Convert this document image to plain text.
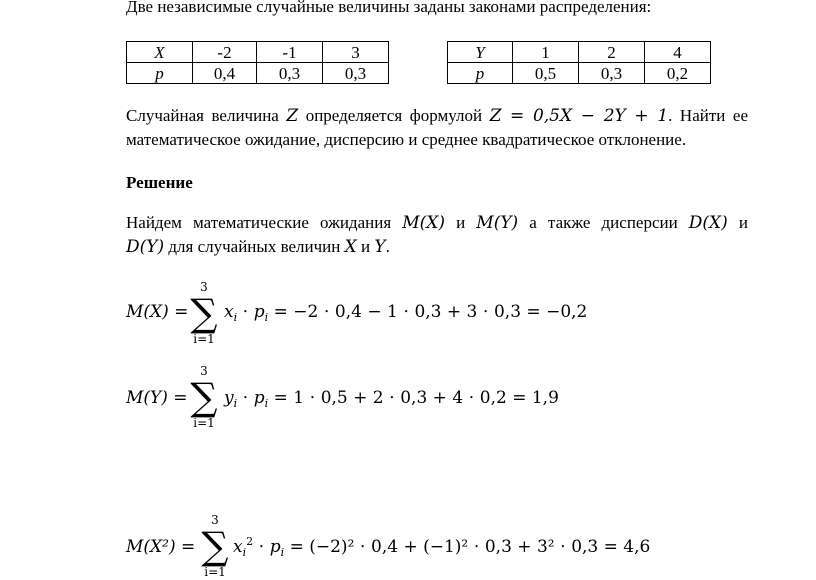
Две независимые случайные величины заданы законами распределения:
X	-2	-1	3
p	0,4	0,3	0,3
Y	1	2	4
p	0,5	0,3	0,2
Случайная величина Z определяется формулой Z = 0,5X − 2Y + 1. Найти ее
математическое ожидание, дисперсию и среднее квадратическое отклонение.
Решение
Найдем математические ожидания M(X) и M(Y) а также дисперсии D(X) и
D(Y) для случайных величин X и Y.
M(X) =
3
∑
i=1
$x_i \cdot p_i = -2 \cdot 0,4 - 1 \cdot 0,3 + 3 \cdot 0,3 = -0,2$
M(Y) =
3
∑
i=1
$y_i \cdot p_i = 1 \cdot 0,5 + 2 \cdot 0,3 + 4 \cdot 0,2 = 1,9$
M(X²) =
3
∑
i=1
$x_i^2 \cdot p_i = (-2)^2 \cdot 0,4 + (-1)^2 \cdot 0,3 + 3^2 \cdot 0,3 = 4,6$
